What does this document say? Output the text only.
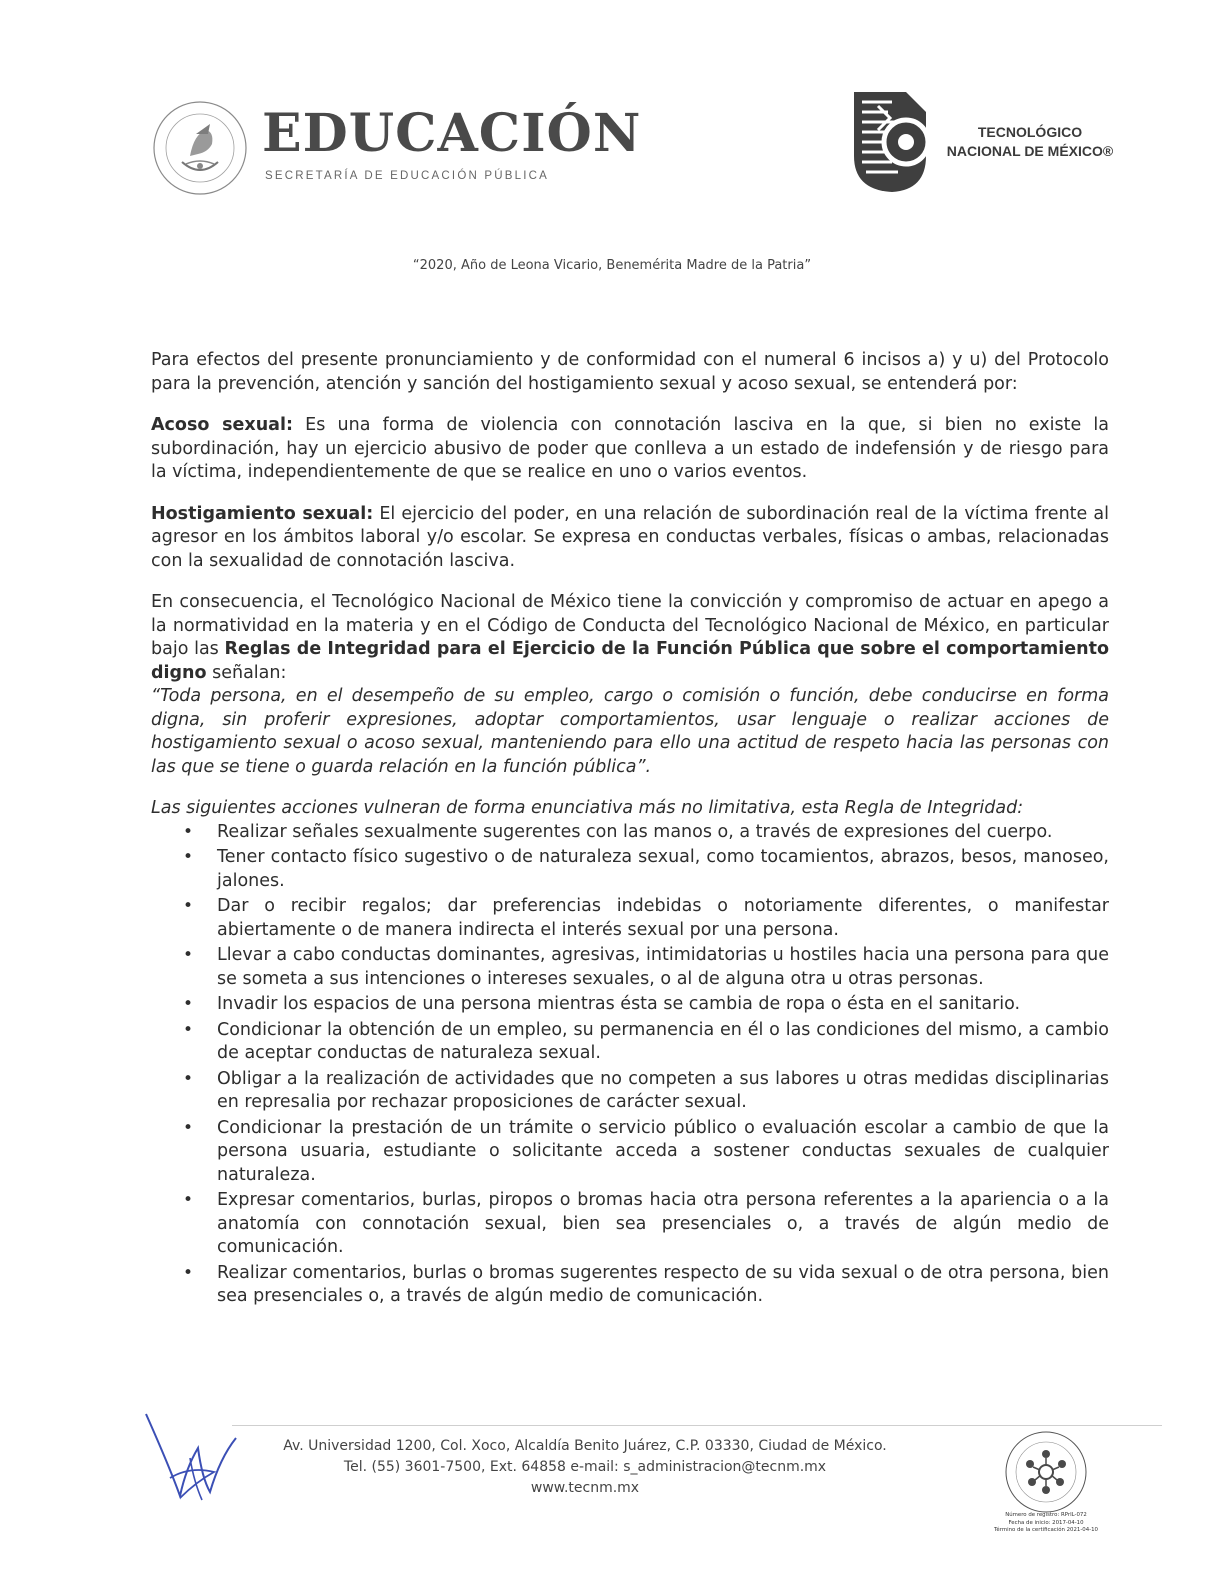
EDUCACIÓN
SECRETARÍA DE EDUCACIÓN PÚBLICA
TECNOLÓGICO
NACIONAL DE MÉXICO®
“2020, Año de Leona Vicario, Benemérita Madre de la Patria”

Para efectos del presente pronunciamiento y de conformidad con el numeral 6 incisos a) y u) del Protocolo para la prevención, atención y sanción del hostigamiento sexual y acoso sexual, se entenderá por:

Acoso sexual: Es una forma de violencia con connotación lasciva en la que, si bien no existe la subordinación, hay un ejercicio abusivo de poder que conlleva a un estado de indefensión y de riesgo para la víctima, independientemente de que se realice en uno o varios eventos.

Hostigamiento sexual: El ejercicio del poder, en una relación de subordinación real de la víctima frente al agresor en los ámbitos laboral y/o escolar. Se expresa en conductas verbales, físicas o ambas, relacionadas con la sexualidad de connotación lasciva.

En consecuencia, el Tecnológico Nacional de México tiene la convicción y compromiso de actuar en apego a la normatividad en la materia y en el Código de Conducta del Tecnológico Nacional de México, en particular bajo las Reglas de Integridad para el Ejercicio de la Función Pública que sobre el comportamiento digno señalan:

“Toda persona, en el desempeño de su empleo, cargo o comisión o función, debe conducirse en forma digna, sin proferir expresiones, adoptar comportamientos, usar lenguaje o realizar acciones de hostigamiento sexual o acoso sexual, manteniendo para ello una actitud de respeto hacia las personas con las que se tiene o guarda relación en la función pública”.

Las siguientes acciones vulneran de forma enunciativa más no limitativa, esta Regla de Integridad:

• Realizar señales sexualmente sugerentes con las manos o, a través de expresiones del cuerpo.
• Tener contacto físico sugestivo o de naturaleza sexual, como tocamientos, abrazos, besos, manoseo, jalones.
• Dar o recibir regalos; dar preferencias indebidas o notoriamente diferentes, o manifestar abiertamente o de manera indirecta el interés sexual por una persona.
• Llevar a cabo conductas dominantes, agresivas, intimidatorias u hostiles hacia una persona para que se someta a sus intenciones o intereses sexuales, o al de alguna otra u otras personas.
• Invadir los espacios de una persona mientras ésta se cambia de ropa o ésta en el sanitario.
• Condicionar la obtención de un empleo, su permanencia en él o las condiciones del mismo, a cambio de aceptar conductas de naturaleza sexual.
• Obligar a la realización de actividades que no competen a sus labores u otras medidas disciplinarias en represalia por rechazar proposiciones de carácter sexual.
• Condicionar la prestación de un trámite o servicio público o evaluación escolar a cambio de que la persona usuaria, estudiante o solicitante acceda a sostener conductas sexuales de cualquier naturaleza.
• Expresar comentarios, burlas, piropos o bromas hacia otra persona referentes a la apariencia o a la anatomía con connotación sexual, bien sea presenciales o, a través de algún medio de comunicación.
• Realizar comentarios, burlas o bromas sugerentes respecto de su vida sexual o de otra persona, bien sea presenciales o, a través de algún medio de comunicación.
Av. Universidad 1200, Col. Xoco, Alcaldía Benito Juárez, C.P. 03330, Ciudad de México.
Tel. (55) 3601-7500, Ext. 64858 e-mail: s_administracion@tecnm.mx
www.tecnm.mx
Número de registro: RPrIL-072
Fecha de inicio: 2017-04-10
Término de la certificación 2021-04-10
